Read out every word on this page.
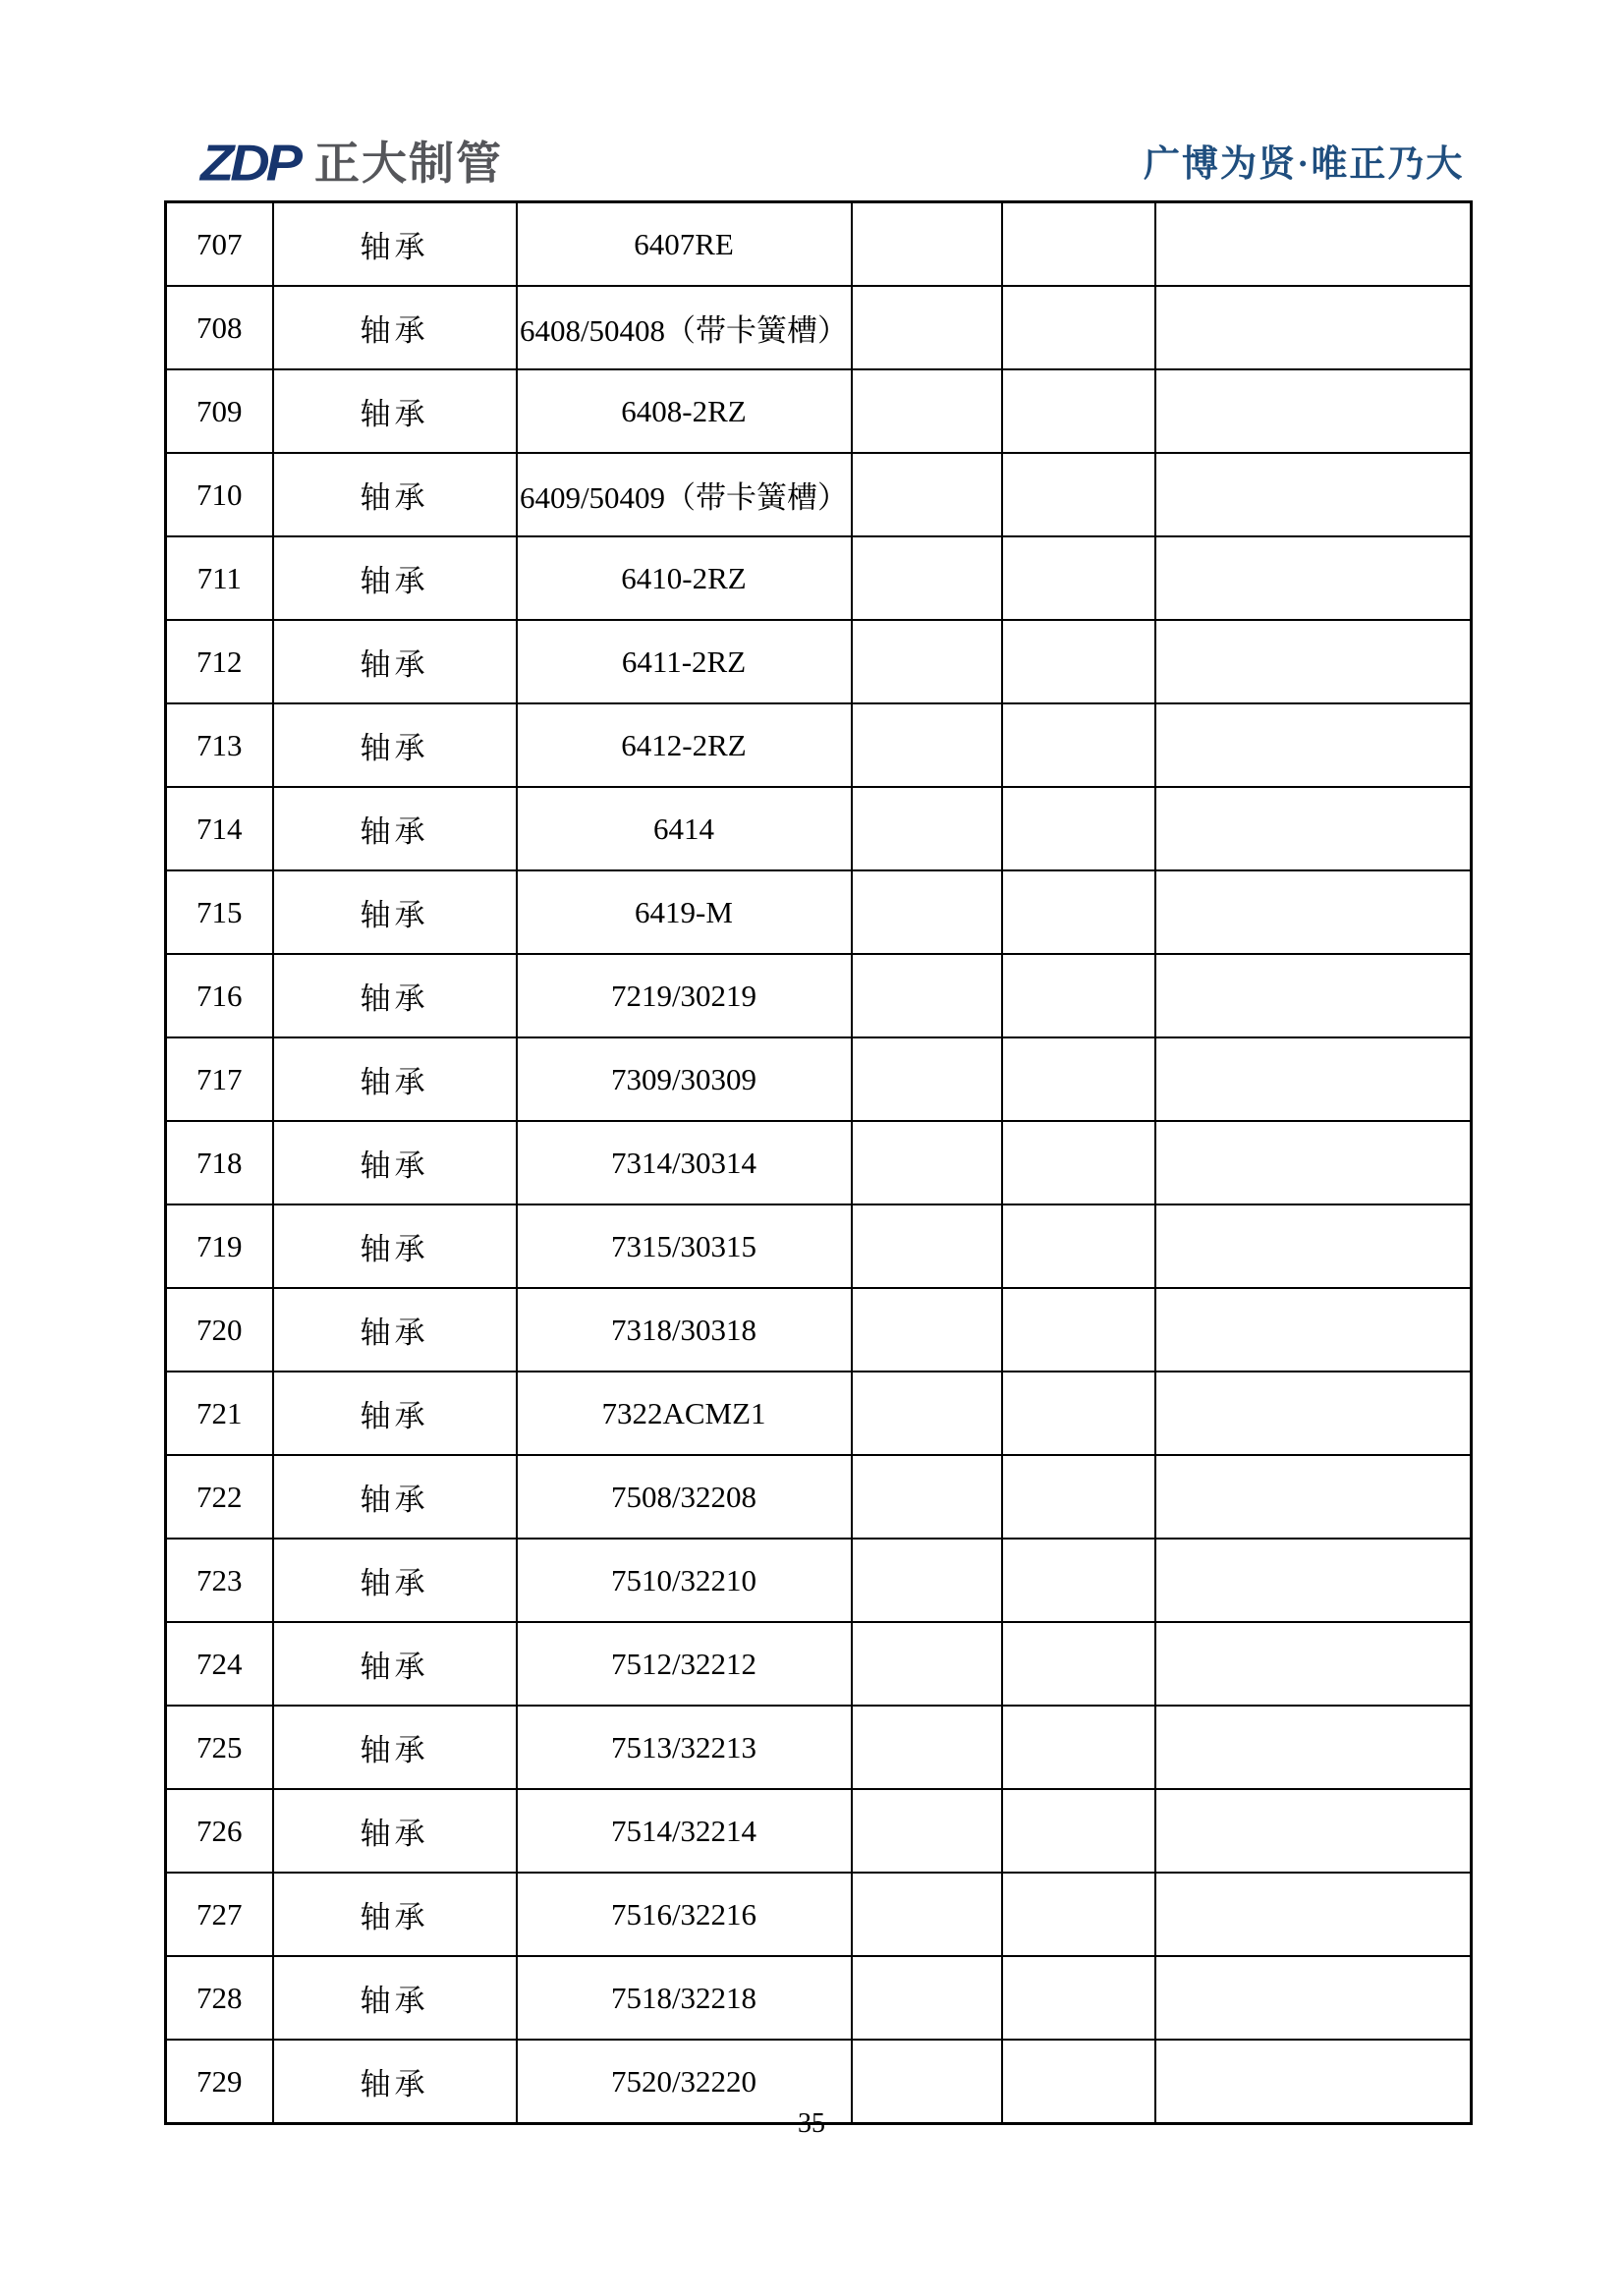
ZDP 正大制管	广博为贤·唯正乃大
707	轴承	6407RE			
708	轴承	6408/50408（带卡簧槽）			
709	轴承	6408-2RZ			
710	轴承	6409/50409（带卡簧槽）			
711	轴承	6410-2RZ			
712	轴承	6411-2RZ			
713	轴承	6412-2RZ			
714	轴承	6414			
715	轴承	6419-M			
716	轴承	7219/30219			
717	轴承	7309/30309			
718	轴承	7314/30314			
719	轴承	7315/30315			
720	轴承	7318/30318			
721	轴承	7322ACMZ1			
722	轴承	7508/32208			
723	轴承	7510/32210			
724	轴承	7512/32212			
725	轴承	7513/32213			
726	轴承	7514/32214			
727	轴承	7516/32216			
728	轴承	7518/32218			
729	轴承	7520/32220			
35
